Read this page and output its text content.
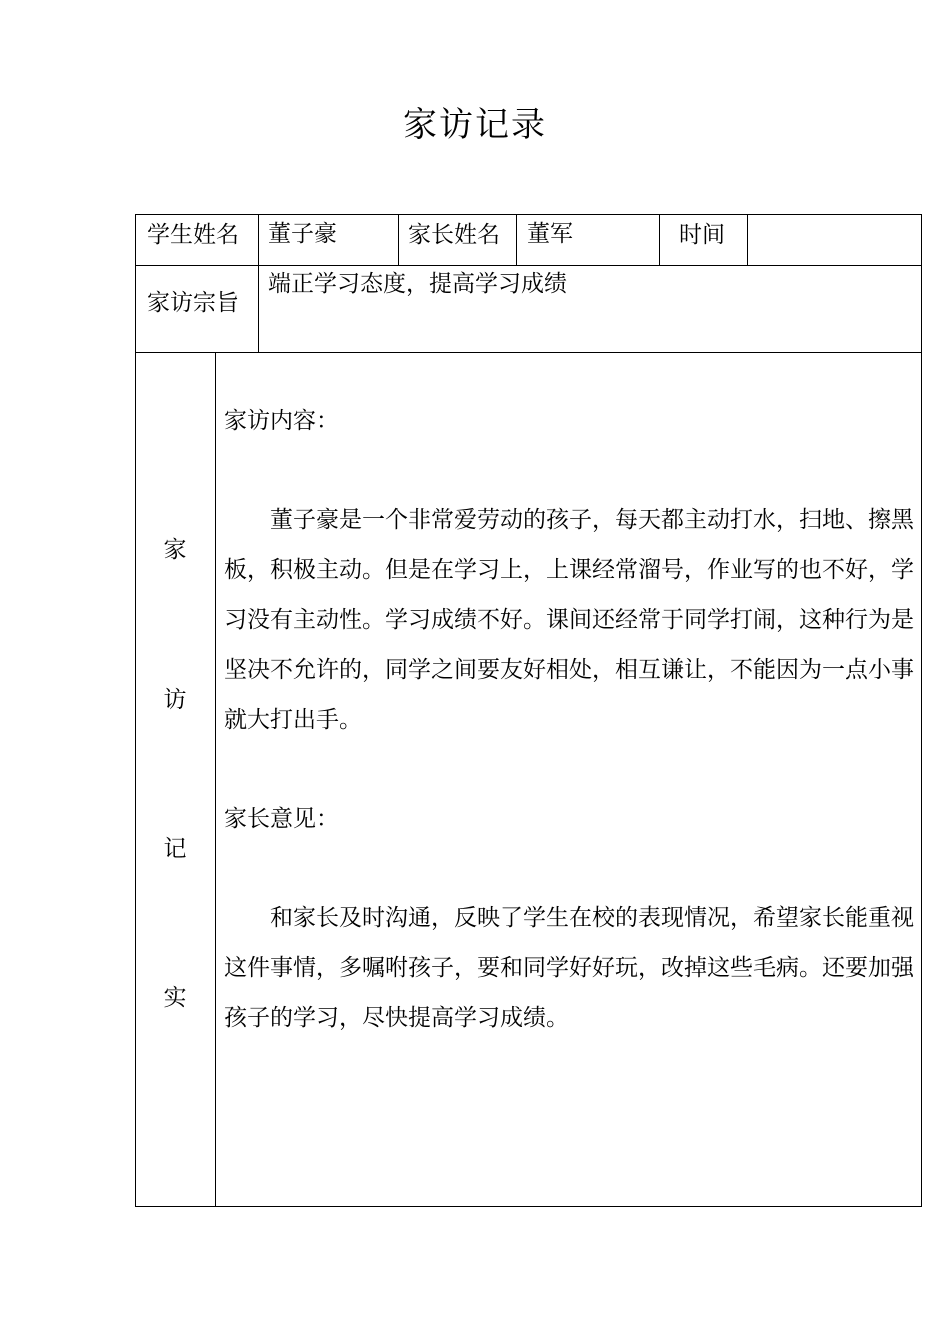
家访记录
学生姓名 董子豪	家长姓名 董军	时间
家访宗旨
端正学习态度，提高学习成绩
家
访
记
实
家访内容：
董子豪是一个非常爱劳动的孩子，每天都主动打水，扫地、擦黑板，积极主动。但是在学习上，上课经常溜号，作业写的也不好，学习没有主动性。学习成绩不好。课间还经常于同学打闹，这种行为是坚决不允许的，同学之间要友好相处，相互谦让，不能因为一点小事就大打出手。
家长意见：
和家长及时沟通，反映了学生在校的表现情况，希望家长能重视这件事情，多嘱咐孩子，要和同学好好玩，改掉这些毛病。还要加强孩子的学习，尽快提高学习成绩。
